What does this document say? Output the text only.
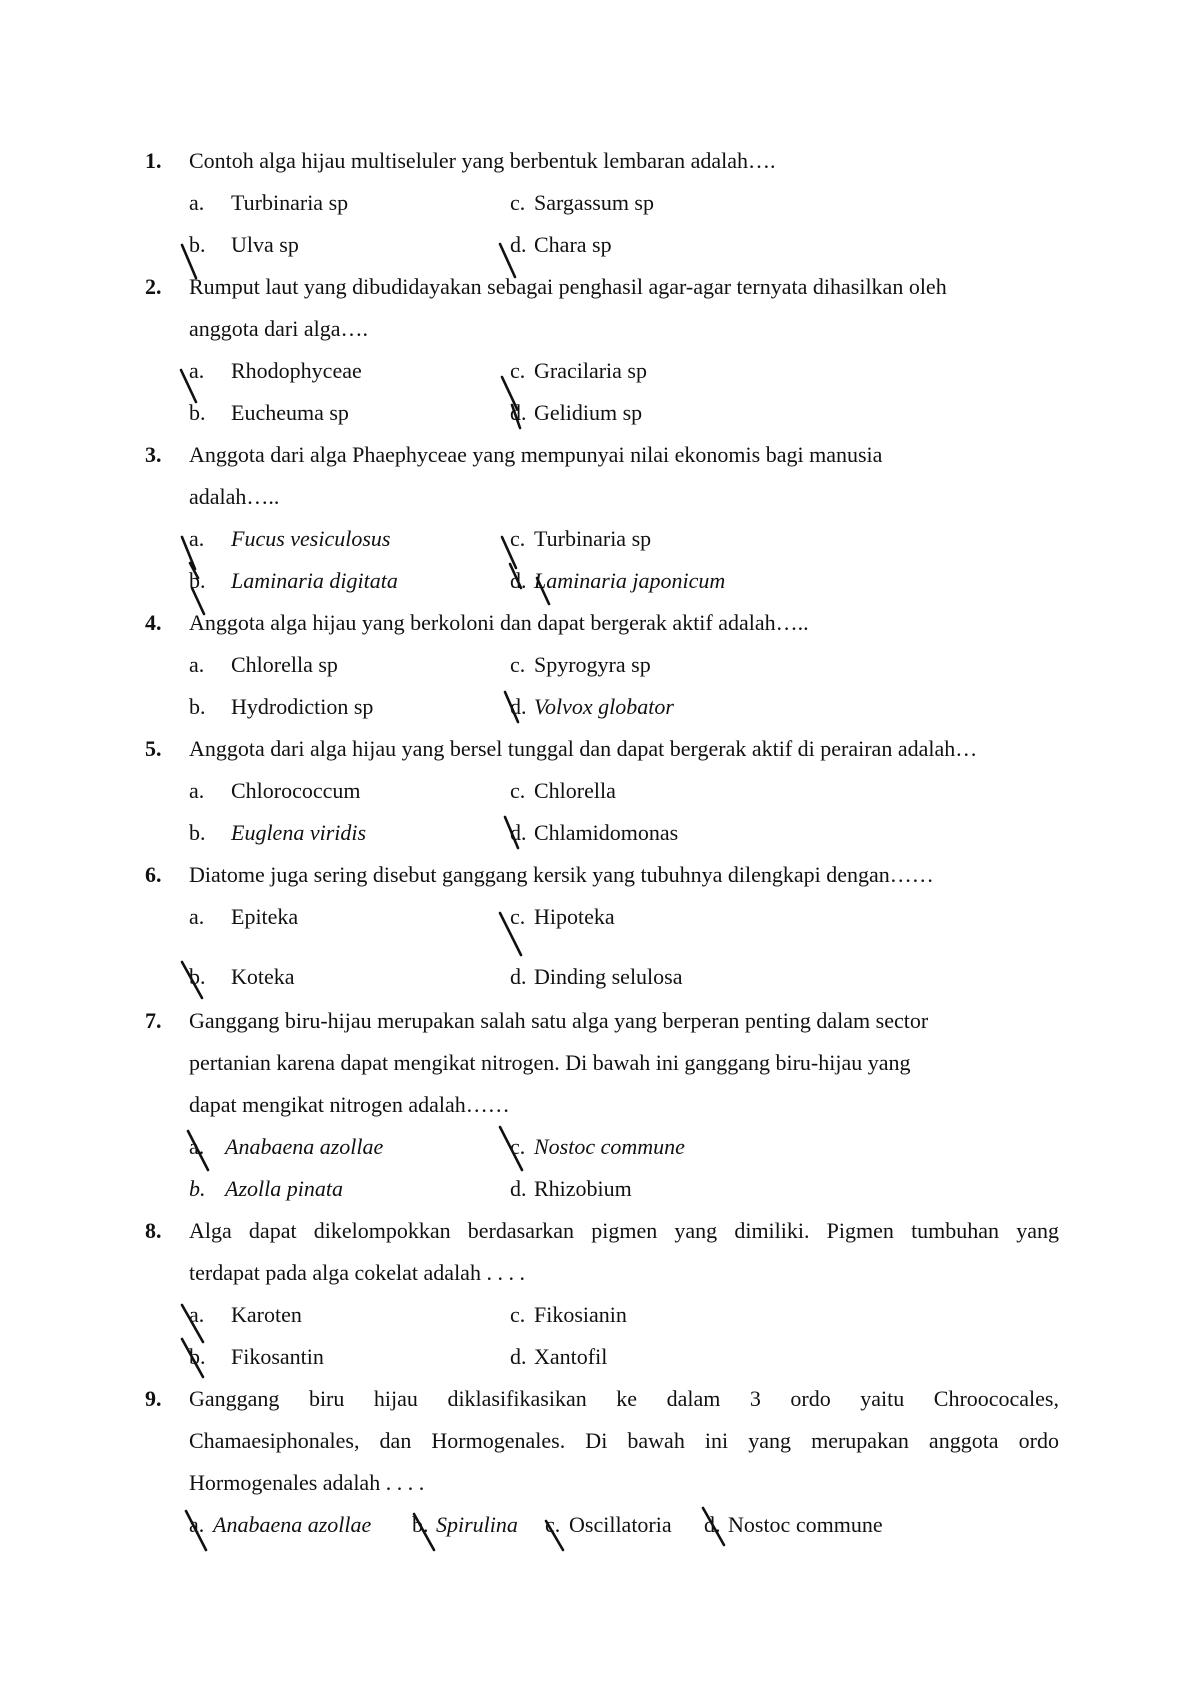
1. Contoh alga hijau multiseluler yang berbentuk lembaran adalah….
a. Turbinaria sp	c. Sargassum sp
b. Ulva sp	d. Chara sp
2. Rumput laut yang dibudidayakan sebagai penghasil agar-agar ternyata dihasilkan oleh
anggota dari alga….
a. Rhodophyceae	c. Gracilaria sp
b. Eucheuma sp	d. Gelidium sp
3. Anggota dari alga Phaephyceae yang mempunyai nilai ekonomis bagi manusia
adalah…..
a. Fucus vesiculosus	c. Turbinaria sp
b. Laminaria digitata	d. Laminaria japonicum
4. Anggota alga hijau yang berkoloni dan dapat bergerak aktif adalah…..
a. Chlorella sp	c. Spyrogyra sp
b. Hydrodiction sp	d. Volvox globator
5. Anggota dari alga hijau yang bersel tunggal dan dapat bergerak aktif di perairan adalah…
a. Chlorococcum	c. Chlorella
b. Euglena viridis	d. Chlamidomonas
6. Diatome juga sering disebut ganggang kersik yang tubuhnya dilengkapi dengan……
a. Epiteka	c. Hipoteka
b. Koteka	d. Dinding selulosa
7. Ganggang biru-hijau merupakan salah satu alga yang berperan penting dalam sector
pertanian karena dapat mengikat nitrogen. Di bawah ini ganggang biru-hijau yang
dapat mengikat nitrogen adalah……
a. Anabaena azollae	c. Nostoc commune
b. Azolla pinata	d. Rhizobium
8. Alga dapat dikelompokkan berdasarkan pigmen yang dimiliki. Pigmen tumbuhan yang
terdapat pada alga cokelat adalah . . . .
a. Karoten	c. Fikosianin
b. Fikosantin	d. Xantofil
9. Ganggang biru hijau diklasifikasikan ke dalam 3 ordo yaitu Chroococales,
Chamaesiphonales, dan Hormogenales. Di bawah ini yang merupakan anggota ordo
Hormogenales adalah . . . .
a. Anabaena azollae b. Spirulina c. Oscillatoria d. Nostoc commune
